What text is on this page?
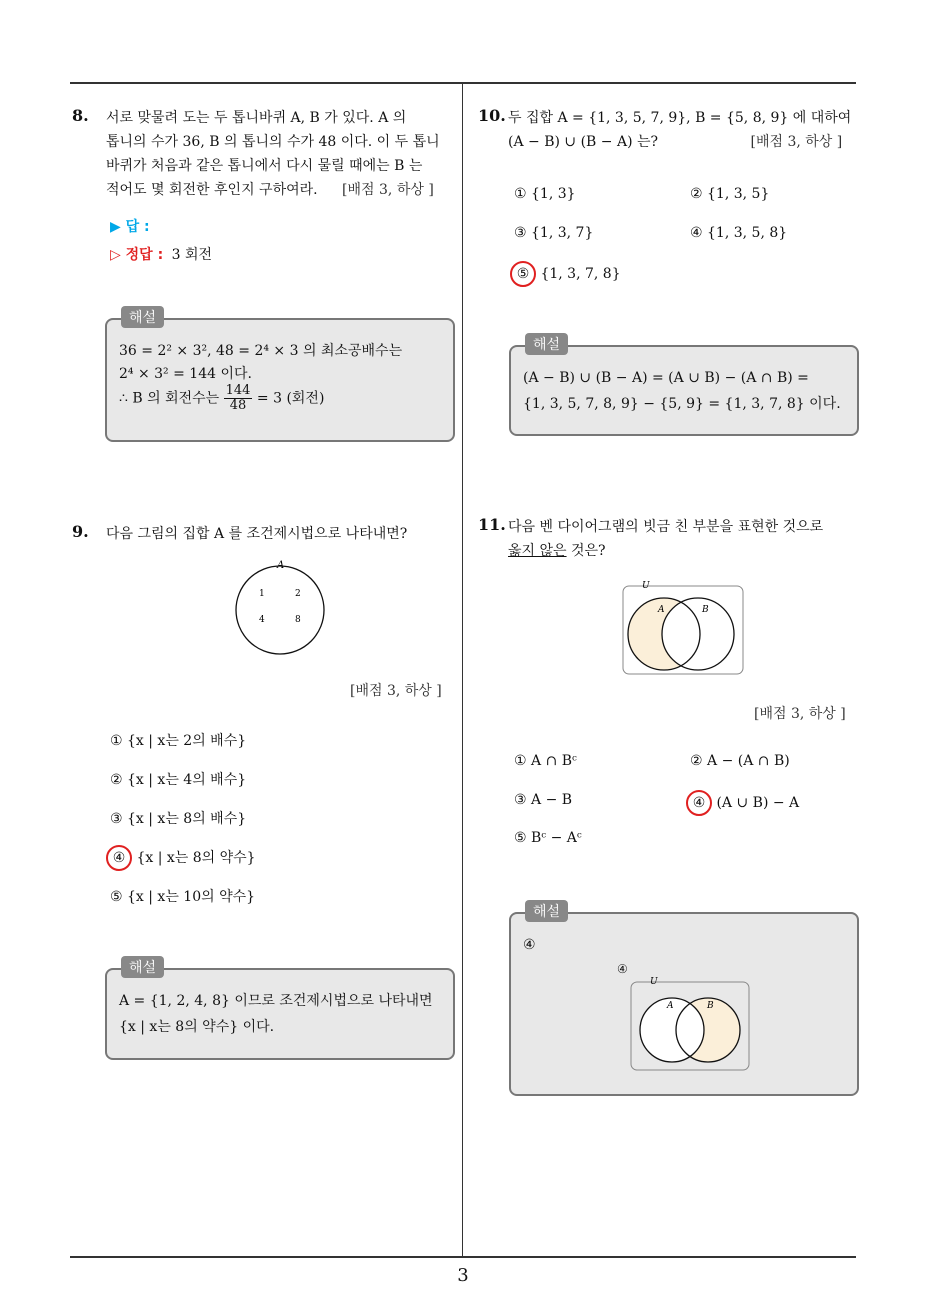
8. 서로 맞물려 도는 두 톱니바퀴 A, B 가 있다. A 의

톱니의 수가 36, B 의 톱니의 수가 48 이다. 이 두 톱니

바퀴가 처음과 같은 톱니에서 다시 물릴 때에는 B 는

적어도 몇 회전한 후인지 구하여라. [배점 3, 하상 ]

▶ 답 :
▷ 정답 : 3 회전
해설
36 = 2² × 3², 48 = 2⁴ × 3 의 최소공배수는
2⁴ × 3² = 144 이다.
∴ B 의 회전수는 $\frac{144}{48} = 3$ (회전)
9. 다음 그림의 집합 A 를 조건제시법으로 나타내면?

A
1	2
4	8
[배점 3, 하상 ]
① {x | x는 2의 배수}
② {x | x는 4의 배수}
③ {x | x는 8의 배수}
④ {x | x는 8의 약수}
⑤ {x | x는 10의 약수}
해설
A = {1, 2, 4, 8} 이므로 조건제시법으로 나타내면
{x | x는 8의 약수} 이다.
10. 두 집합 A = {1, 3, 5, 7, 9}, B = {5, 8, 9} 에 대하여

(A − B) ∪ (B − A) 는?	[배점 3, 하상 ]

① {1, 3}	② {1, 3, 5}
③ {1, 3, 7}	④ {1, 3, 5, 8}
⑤ {1, 3, 7, 8}
해설
(A − B) ∪ (B − A) = (A ∪ B) − (A ∩ B) =
{1, 3, 5, 7, 8, 9} − {5, 9} = {1, 3, 7, 8} 이다.
11. 다음 벤 다이어그램의 빗금 친 부분을 표현한 것으로

옳지 않은 것은?

U
A	B
[배점 3, 하상 ]
① A ∩ Bᶜ	② A − (A ∩ B)
③ A − B	④ (A ∪ B) − A
⑤ Bᶜ − Aᶜ
해설
④
④
U
A	B
3
